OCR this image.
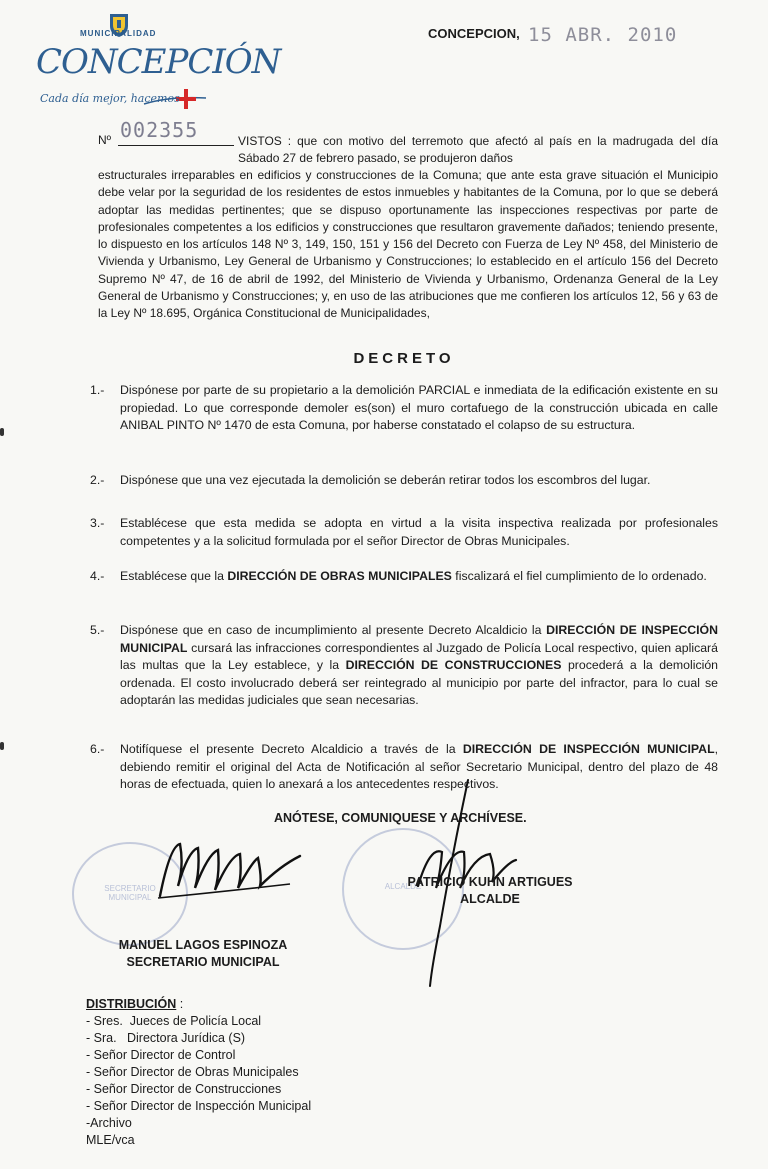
MUNICIPALIDAD
CONCEPCIÓN
Cada día mejor, hacemos
CONCEPCION, 15 ABR. 2010
Nº 002355	VISTOS : que con motivo del terremoto que afectó al país en la madrugada del día Sábado 27 de febrero pasado, se produjeron daños
estructurales irreparables en edificios y construcciones de la Comuna; que ante esta grave situación el Municipio debe velar por la seguridad de los residentes de estos inmuebles y habitantes de la Comuna, por lo que se deberá adoptar las medidas pertinentes; que se dispuso oportunamente las inspecciones respectivas por parte de profesionales competentes a los edificios y construcciones que resultaron gravemente dañados; teniendo presente, lo dispuesto en los artículos 148 Nº 3, 149, 150, 151 y 156 del Decreto con Fuerza de Ley Nº 458, del Ministerio de Vivienda y Urbanismo, Ley General de Urbanismo y Construcciones; lo establecido en el artículo 156 del Decreto Supremo Nº 47, de 16 de abril de 1992, del Ministerio de Vivienda y Urbanismo, Ordenanza General de la Ley General de Urbanismo y Construcciones; y, en uso de las atribuciones que me confieren los artículos 12, 56 y 63 de la Ley Nº 18.695, Orgánica Constitucional de Municipalidades,
DECRETO
1.-	Dispónese por parte de su propietario a la demolición PARCIAL e inmediata de la edificación existente en su propiedad. Lo que corresponde demoler es(son) el muro cortafuego de la construcción ubicada en calle ANIBAL PINTO Nº 1470 de esta Comuna, por haberse constatado el colapso de su estructura.
2.-	Dispónese que una vez ejecutada la demolición se deberán retirar todos los escombros del lugar.
3.-	Establécese que esta medida se adopta en virtud a la visita inspectiva realizada por profesionales competentes y a la solicitud formulada por el señor Director de Obras Municipales.
4.-	Establécese que la DIRECCIÓN DE OBRAS MUNICIPALES fiscalizará el fiel cumplimiento de lo ordenado.
5.-	Dispónese que en caso de incumplimiento al presente Decreto Alcaldicio la DIRECCIÓN DE INSPECCIÓN MUNICIPAL cursará las infracciones correspondientes al Juzgado de Policía Local respectivo, quien aplicará las multas que la Ley establece, y la DIRECCIÓN DE CONSTRUCCIONES procederá a la demolición ordenada. El costo involucrado deberá ser reintegrado al municipio por parte del infractor, para lo cual se adoptarán las medidas judiciales que sean necesarias.
6.-	Notifíquese el presente Decreto Alcaldicio a través de la DIRECCIÓN DE INSPECCIÓN MUNICIPAL, debiendo remitir el original del Acta de Notificación al señor Secretario Municipal, dentro del plazo de 48 horas de efectuada, quien lo anexará a los antecedentes respectivos.
ANÓTESE, COMUNIQUESE Y ARCHÍVESE.
SECRETARIO MUNICIPAL
ALCALDE
PATRICIO KUHN ARTIGUES
ALCALDE
MANUEL LAGOS ESPINOZA
SECRETARIO MUNICIPAL
DISTRIBUCIÓN :
- Sres.  Jueces de Policía Local
- Sra.   Directora Jurídica (S)
- Señor Director de Control
- Señor Director de Obras Municipales
- Señor Director de Construcciones
- Señor Director de Inspección Municipal
-Archivo
MLE/vca
